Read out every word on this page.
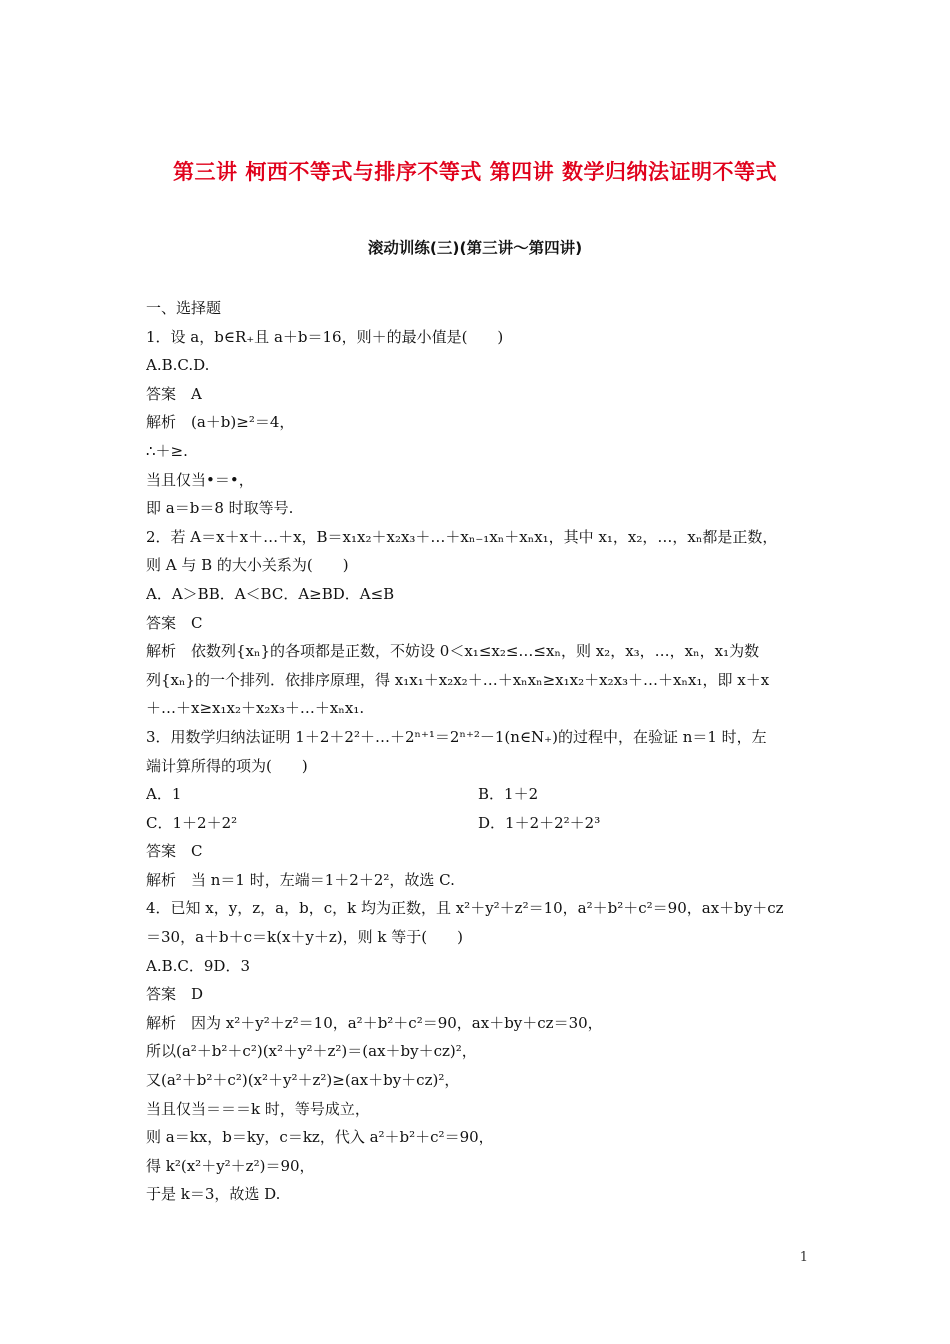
第三讲 柯西不等式与排序不等式 第四讲 数学归纳法证明不等式
滚动训练(三)(第三讲～第四讲)
一、选择题
1．设 a，b∈R₊且 a＋b＝16，则＋的最小值是(　　)
A.B.C.D.
答案　A
解析　(a＋b)≥²＝4，
∴＋≥.
当且仅当•＝•，
即 a＝b＝8 时取等号.
2．若 A＝x＋x＋…＋x，B＝x₁x₂＋x₂x₃＋…＋xₙ₋₁xₙ＋xₙx₁，其中 x₁，x₂，…，xₙ都是正数，
则 A 与 B 的大小关系为(　　)
A．A＞BB．A＜BC．A≥BD．A≤B
答案　C
解析　依数列{xₙ}的各项都是正数，不妨设 0＜x₁≤x₂≤…≤xₙ，则 x₂，x₃，…，xₙ，x₁为数
列{xₙ}的一个排列．依排序原理，得 x₁x₁＋x₂x₂＋…＋xₙxₙ≥x₁x₂＋x₂x₃＋…＋xₙx₁，即 x＋x
＋…＋x≥x₁x₂＋x₂x₃＋…＋xₙx₁.
3．用数学归纳法证明 1＋2＋2²＋…＋2ⁿ⁺¹＝2ⁿ⁺²－1(n∈N₊)的过程中，在验证 n＝1 时，左
端计算所得的项为(　　)
A．1	B．1＋2
C．1＋2＋2²	D．1＋2＋2²＋2³
答案　C
解析　当 n＝1 时，左端＝1＋2＋2²，故选 C.
4．已知 x，y，z，a，b，c，k 均为正数，且 x²＋y²＋z²＝10，a²＋b²＋c²＝90，ax＋by＋cz
＝30，a＋b＋c＝k(x＋y＋z)，则 k 等于(　　)
A.B.C．9D．3
答案　D
解析　因为 x²＋y²＋z²＝10，a²＋b²＋c²＝90，ax＋by＋cz＝30，
所以(a²＋b²＋c²)(x²＋y²＋z²)＝(ax＋by＋cz)²，
又(a²＋b²＋c²)(x²＋y²＋z²)≥(ax＋by＋cz)²，
当且仅当＝＝＝k 时，等号成立，
则 a＝kx，b＝ky，c＝kz，代入 a²＋b²＋c²＝90，
得 k²(x²＋y²＋z²)＝90，
于是 k＝3，故选 D.
1
